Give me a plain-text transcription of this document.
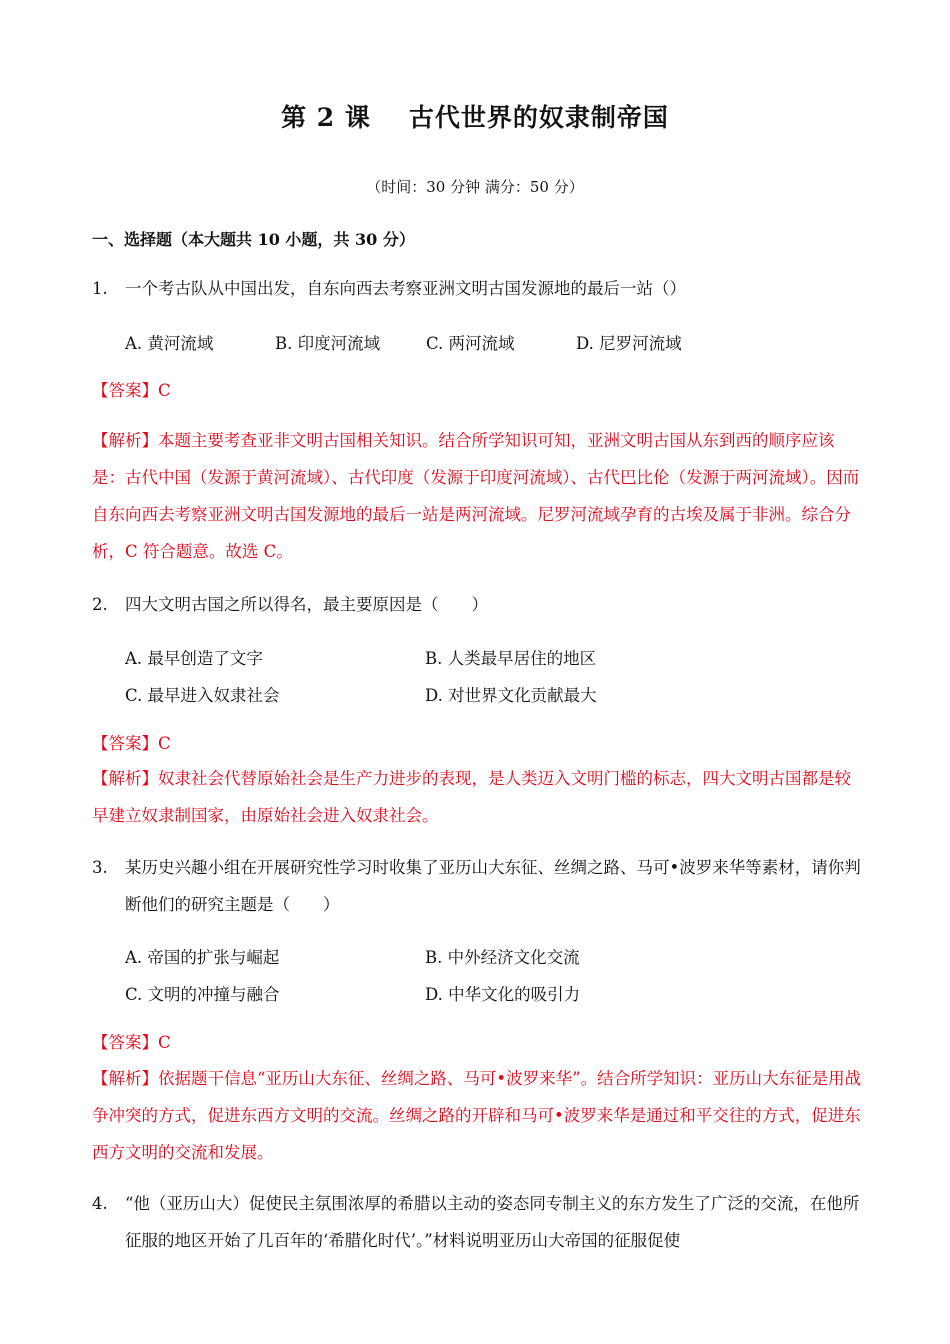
第 2 课 古代世界的奴隶制帝国
（时间：30 分钟 满分：50 分）
一、选择题（本大题共 10 小题，共 30 分）
1. 一个考古队从中国出发，自东向西去考察亚洲文明古国发源地的最后一站（）
A. 黄河流域	B. 印度河流域	C. 两河流域	D. 尼罗河流域
【答案】C
【解析】本题主要考查亚非文明古国相关知识。结合所学知识可知，亚洲文明古国从东到西的顺序应该是：古代中国（发源于黄河流域）、古代印度（发源于印度河流域）、古代巴比伦（发源于两河流域）。因而自东向西去考察亚洲文明古国发源地的最后一站是两河流域。尼罗河流域孕育的古埃及属于非洲。综合分析，C 符合题意。故选 C。
2. 四大文明古国之所以得名，最主要原因是（　　）
A. 最早创造了文字	B. 人类最早居住的地区
C. 最早进入奴隶社会	D. 对世界文化贡献最大
【答案】C
【解析】奴隶社会代替原始社会是生产力进步的表现，是人类迈入文明门槛的标志，四大文明古国都是较早建立奴隶制国家，由原始社会进入奴隶社会。
3. 某历史兴趣小组在开展研究性学习时收集了亚历山大东征、丝绸之路、马可•波罗来华等素材，请你判断他们的研究主题是（　　）
A. 帝国的扩张与崛起	B. 中外经济文化交流
C. 文明的冲撞与融合	D. 中华文化的吸引力
【答案】C
【解析】依据题干信息“亚历山大东征、丝绸之路、马可•波罗来华”。结合所学知识：亚历山大东征是用战争冲突的方式，促进东西方文明的交流。丝绸之路的开辟和马可•波罗来华是通过和平交往的方式，促进东西方文明的交流和发展。
4. “他（亚历山大）促使民主氛围浓厚的希腊以主动的姿态同专制主义的东方发生了广泛的交流，在他所征服的地区开始了几百年的‘希腊化时代’。”材料说明亚历山大帝国的征服促使
